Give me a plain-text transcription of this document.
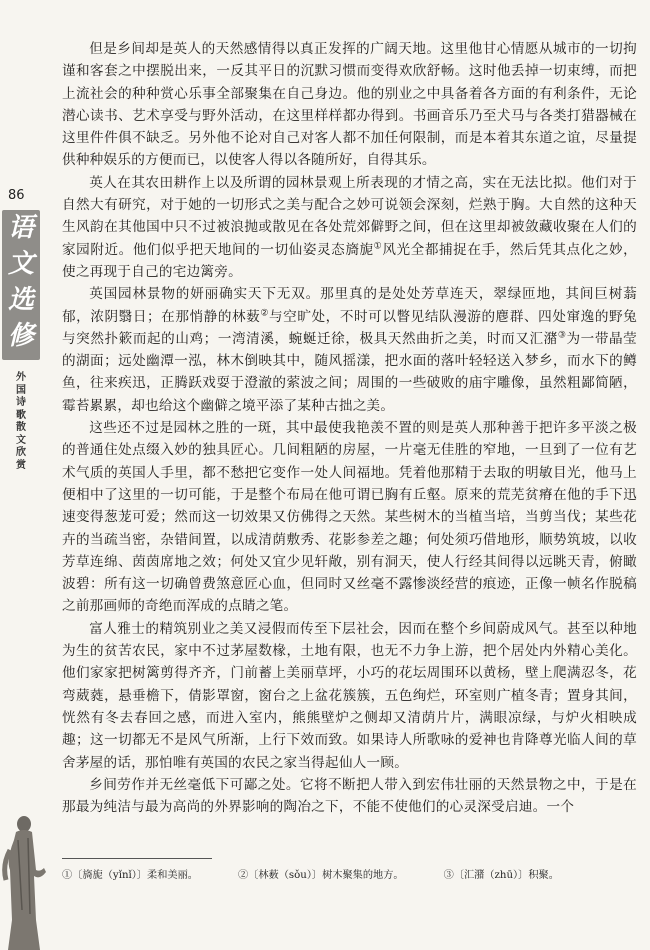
86
语
文
选
修
外国诗歌散文欣赏

但是乡间却是英人的天然感情得以真正发挥的广阔天地。这里他甘心情愿从城市的一切拘谨和客套之中摆脱出来，一反其平日的沉默习惯而变得欢欣舒畅。这时他丢掉一切束缚，而把上流社会的种种赏心乐事全部聚集在自己身边。他的别业之中具备着各方面的有利条件，无论潜心读书、艺术享受与野外活动，在这里样样都办得到。书画音乐乃至犬马与各类打猎器械在这里件件俱不缺乏。另外他不论对自己对客人都不加任何限制，而是本着其东道之谊，尽量提供种种娱乐的方便而已，以使客人得以各随所好，自得其乐。

英人在其农田耕作上以及所谓的园林景观上所表现的才情之高，实在无法比拟。他们对于自然大有研究，对于她的一切形式之美与配合之妙可说领会深刻，烂熟于胸。大自然的这种天生风韵在其他国中只不过被浪抛或散见在各处荒郊僻野之间，但在这里却被敛藏收聚在人们的家园附近。他们似乎把天地间的一切仙姿灵态旖旎①风光全都捕捉在手，然后凭其点化之妙，使之再现于自己的宅边篱旁。

英国园林景物的妍丽确实天下无双。那里真的是处处芳草连天，翠绿匝地，其间巨树蓊郁，浓阴翳日；在那悄静的林薮②与空旷处，不时可以瞥见结队漫游的麀群、四处窜逸的野兔与突然扑簌而起的山鸡；一湾清溪，蜿蜒迁徐，极具天然曲折之美，时而又汇潴③为一带晶莹的湖面；远处幽潭一泓，林木倒映其中，随风摇漾，把水面的落叶轻轻送入梦乡，而水下的鳟鱼，往来疾迅，正腾跃戏耍于澄澈的萦波之间；周围的一些破败的庙宇雕像，虽然粗鄙简陋，霉苔累累，却也给这个幽僻之境平添了某种古拙之美。

这些还不过是园林之胜的一斑，其中最使我艳羡不置的则是英人那种善于把许多平淡之极的普通住处点缀入妙的独具匠心。几间粗陋的房屋，一片毫无佳胜的窄地，一旦到了一位有艺术气质的英国人手里，都不愁把它变作一处人间福地。凭着他那精于去取的明敏目光，他马上便相中了这里的一切可能，于是整个布局在他可谓已胸有丘壑。原来的荒芜贫瘠在他的手下迅速变得葱茏可爱；然而这一切效果又仿佛得之天然。某些树木的当植当培，当剪当伐；某些花卉的当疏当密，杂错间置，以成清荫敷秀、花影参差之趣；何处须巧借地形，顺势筑坡，以收芳草连绵、茵茵席地之效；何处又宜少见轩敞，别有洞天，使人行经其间得以远眺天青，俯瞰波碧：所有这一切确曾费煞意匠心血，但同时又丝毫不露惨淡经营的痕迹，正像一帧名作脱稿之前那画师的奇绝而浑成的点睛之笔。

富人雅士的精筑别业之美又浸假而传至下层社会，因而在整个乡间蔚成风气。甚至以种地为生的贫苦农民，家中不过茅屋数椽，土地有限，也无不力争上游，把个居处内外精心美化。他们家家把树篱剪得齐齐，门前蓄上美丽草坪，小巧的花坛周围环以黄杨，壁上爬满忍冬，花弯葳蕤，悬垂檐下，倩影罩窗，窗台之上盆花簇簇，五色绚烂，环室则广植冬青；置身其间，恍然有冬去春回之感，而进入室内，熊熊壁炉之侧却又清荫片片，满眼凉绿，与炉火相映成趣；这一切都无不是风气所渐，上行下效而致。如果诗人所歌咏的爱神也肯降尊光临人间的草舍茅屋的话，那怕唯有英国的农民之家当得起仙人一顾。

乡间劳作并无丝毫低下可鄙之处。它将不断把人带入到宏伟壮丽的天然景物之中，于是在那最为纯洁与最为高尚的外界影响的陶冶之下，不能不使他们的心灵深受启迪。一个

①〔旖旎（yǐnǐ）〕柔和美丽。	②〔林薮（sǒu）〕树木聚集的地方。	③〔汇潴（zhū）〕积聚。
